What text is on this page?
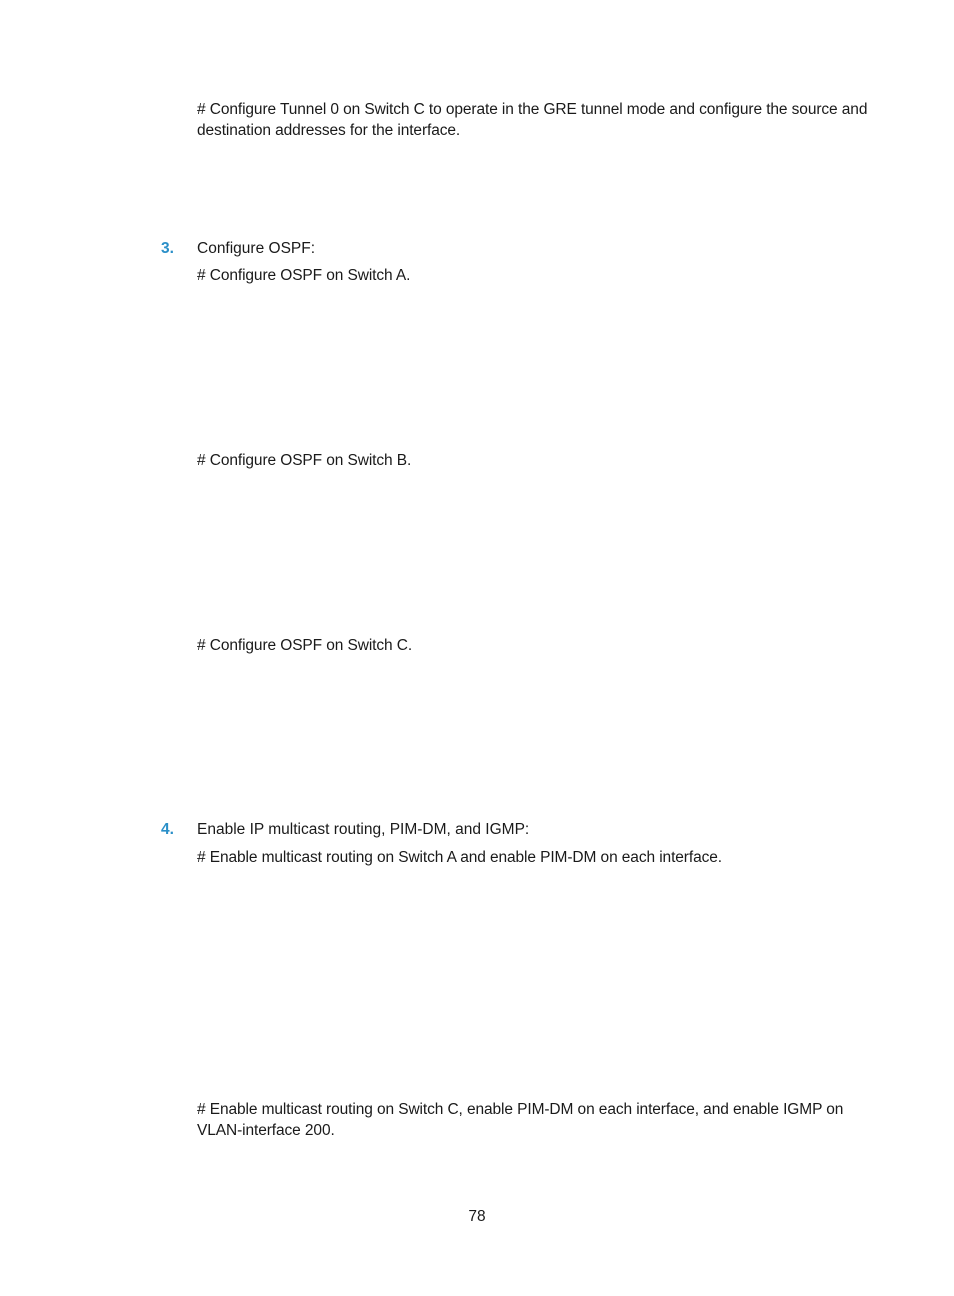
# Configure Tunnel 0 on Switch C to operate in the GRE tunnel mode and configure the source and destination addresses for the interface.

3. Configure OSPF:

# Configure OSPF on Switch A.

# Configure OSPF on Switch B.

# Configure OSPF on Switch C.

4. Enable IP multicast routing, PIM-DM, and IGMP:

# Enable multicast routing on Switch A and enable PIM-DM on each interface.

# Enable multicast routing on Switch C, enable PIM-DM on each interface, and enable IGMP on VLAN-interface 200.

78
